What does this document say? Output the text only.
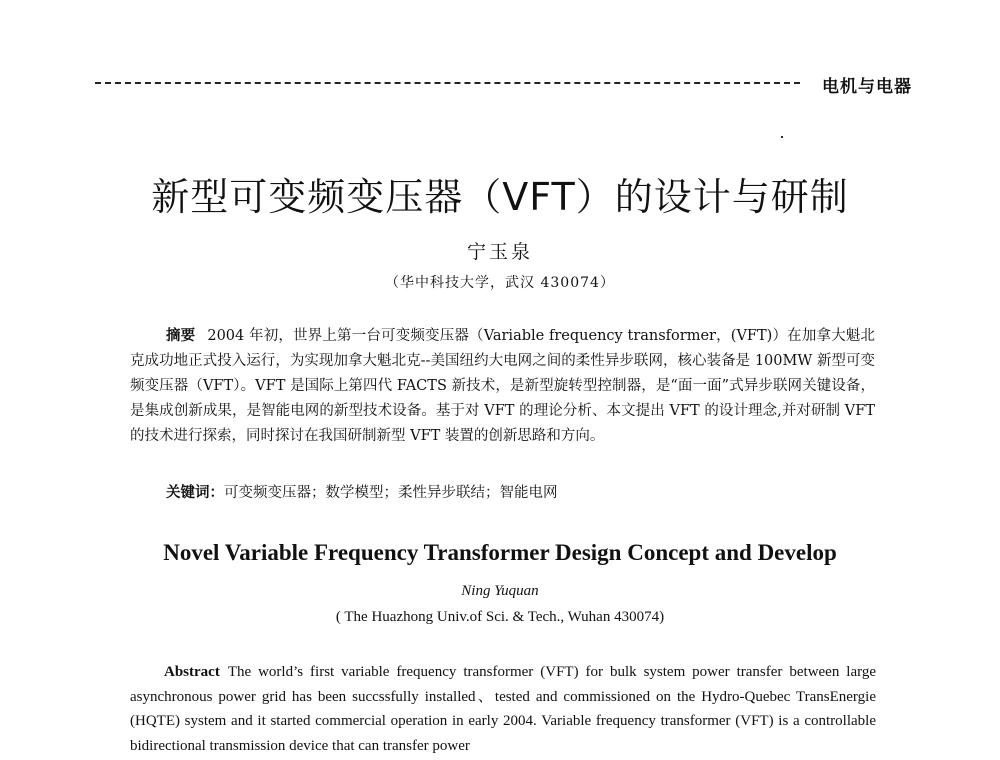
电机与电器
新型可变频变压器（VFT）的设计与研制
宁玉泉
（华中科技大学，武汉 430074）
摘要 2004 年初，世界上第一台可变频变压器（Variable frequency transformer，(VFT)）在加拿大魁北克成功地正式投入运行，为实现加拿大魁北克--美国纽约大电网之间的柔性异步联网，核心装备是 100MW 新型可变频变压器（VFT）。VFT 是国际上第四代 FACTS 新技术，是新型旋转型控制器，是“面一面”式异步联网关键设备，是集成创新成果，是智能电网的新型技术设备。基于对 VFT 的理论分析、本文提出 VFT 的设计理念,并对研制 VFT 的技术进行探索，同时探讨在我国研制新型 VFT 装置的创新思路和方向。
关键词：可变频变压器；数学模型；柔性异步联结；智能电网
Novel Variable Frequency Transformer Design Concept and Develop
Ning Yuquan
( The Huazhong Univ.of Sci. & Tech., Wuhan 430074)
Abstract The world’s first variable frequency transformer (VFT) for bulk system power transfer between large asynchronous power grid has been succssfully installed、tested and commissioned on the Hydro-Quebec TransEnergie (HQTE) system and it started commercial operation in early 2004. Variable frequency transformer (VFT) is a controllable bidirectional transmission device that can transfer power
